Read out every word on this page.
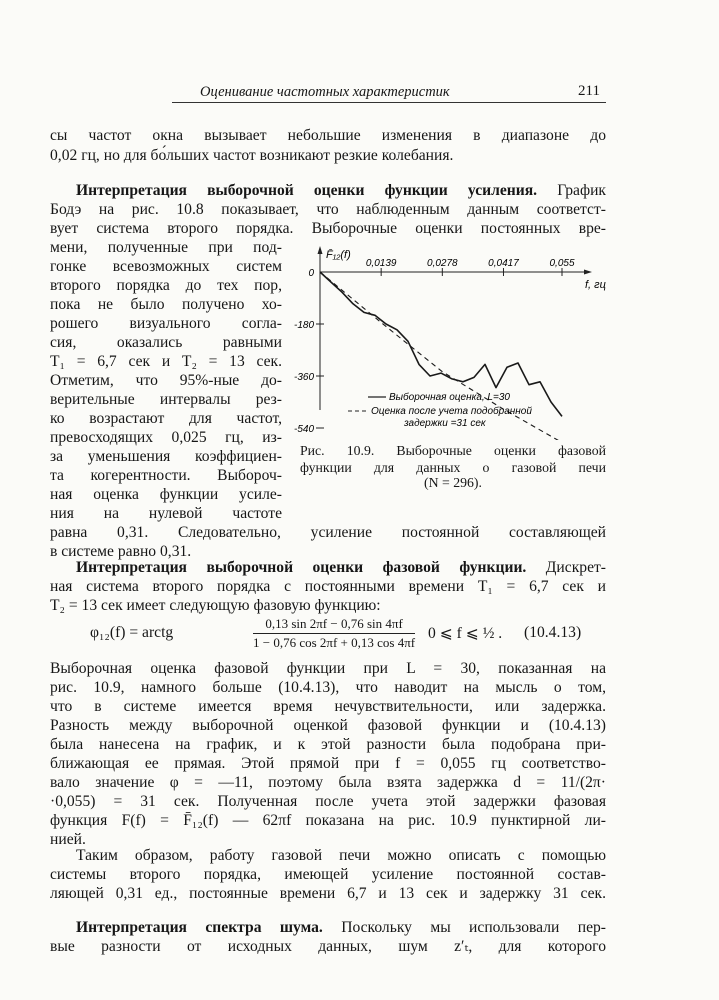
Оценивание частотных характеристик	211
сы частот окна вызывает небольшие изменения в диапазоне до
0,02 гц, но для бо́льших частот возникают резкие колебания.
Интерпретация выборочной оценки функции усиления. График
Бодэ на рис. 10.8 показывает, что наблюденным данным соответст-
вует система второго порядка. Выборочные оценки постоянных вре-
мени, полученные при под-
гонке всевозможных систем
второго порядка до тех пор,
пока не было получено хо-
рошего визуального согла-
сия, оказались равными
T₁ = 6,7 сек и T₂ = 13 сек.
Отметим, что 95%-ные до-
верительные интервалы рез-
ко возрастают для частот,
превосходящих 0,025 гц, из-
за уменьшения коэффициен-
та когерентности. Выбороч-
ная оценка функции усиле-
ния на нулевой частоте
равна 0,31. Следовательно, усиление постоянной составляющей
в системе равно 0,31.
0,0139	0,0278	0,0417	0,055
0
-180
-360
-540
F̄₁₂(f)
f, гц
Выборочная оценка, L=30
Оценка после учета подобранной
задержки =31 сек
Рис. 10.9. Выборочные оценки фазовой
функции для данных о газовой печи
(N = 296).
Интерпретация выборочной оценки фазовой функции. Дискрет-
ная система второго порядка с постоянными времени T₁ = 6,7 сек и
T₂ = 13 сек имеет следующую фазовую функцию:
φ₁₂(f) = arctg	$\frac{0,13 \sin 2\pi f - 0,76 \sin 4\pi f}{1 - 0,76 \cos 2\pi f + 0,13 \cos 4\pi f} 0$ ⩽ f ⩽ ½ . (10.4.13)
Выборочная оценка фазовой функции при L = 30, показанная на
рис. 10.9, намного больше (10.4.13), что наводит на мысль о том,
что в системе имеется время нечувствительности, или задержка.
Разность между выборочной оценкой фазовой функции и (10.4.13)
была нанесена на график, и к этой разности была подобрана при-
ближающая ее прямая. Этой прямой при f = 0,055 гц соответство-
вало значение φ = —11, поэтому была взята задержка d = 11/(2π·
·0,055) = 31 сек. Полученная после учета этой задержки фазовая
функция F(f) = F̄₁₂(f) — 62πf показана на рис. 10.9 пунктирной ли-
нией.
Таким образом, работу газовой печи можно описать с помощью
системы второго порядка, имеющей усиление постоянной состав-
ляющей 0,31 ед., постоянные времени 6,7 и 13 сек и задержку 31 сек.
Интерпретация спектра шума. Поскольку мы использовали пер-
вые разности от исходных данных, шум z′ₜ, для которого
